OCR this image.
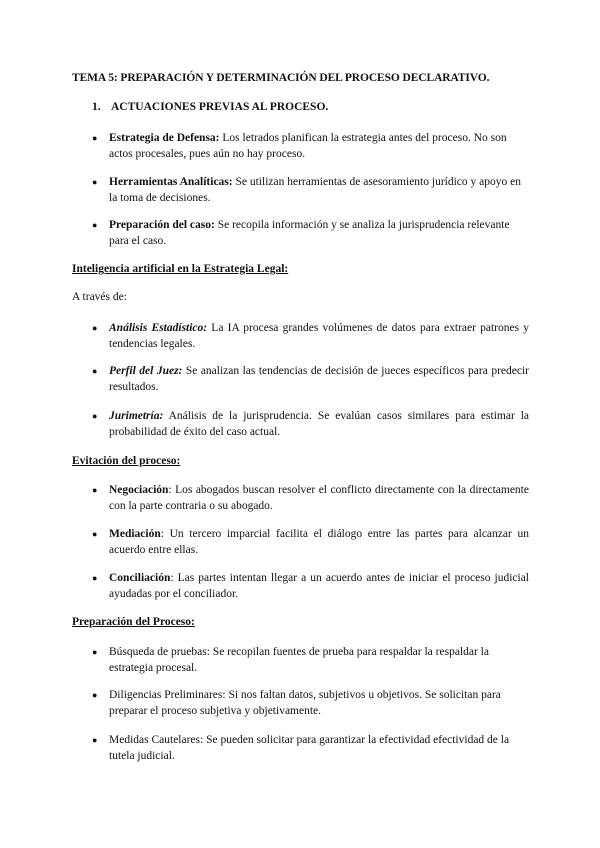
TEMA 5: PREPARACIÓN Y DETERMINACIÓN DEL PROCESO DECLARATIVO.
1. ACTUACIONES PREVIAS AL PROCESO.
● Estrategia de Defensa: Los letrados planifican la estrategia antes del proceso. No son actos procesales, pues aún no hay proceso.
● Herramientas Analíticas: Se utilizan herramientas de asesoramiento jurídico y apoyo en la toma de decisiones.
● Preparación del caso: Se recopila información y se analiza la jurisprudencia relevante para el caso.
Inteligencia artificial en la Estrategia Legal:
A través de:
● Análisis Estadístico: La IA procesa grandes volúmenes de datos para extraer patrones y tendencias legales.
● Perfil del Juez: Se analizan las tendencias de decisión de jueces específicos para predecir resultados.
● Jurimetría: Análisis de la jurisprudencia. Se evalúan casos similares para estimar la probabilidad de éxito del caso actual.
Evitación del proceso:
● Negociación: Los abogados buscan resolver el conflicto directamente con la directamente con la parte contraria o su abogado.
● Mediación: Un tercero imparcial facilita el diálogo entre las partes para alcanzar un acuerdo entre ellas.
● Conciliación: Las partes intentan llegar a un acuerdo antes de iniciar el proceso judicial ayudadas por el conciliador.
Preparación del Proceso:
● Búsqueda de pruebas: Se recopilan fuentes de prueba para respaldar la respaldar la estrategia procesal.
● Diligencias Preliminares: Si nos faltan datos, subjetivos u objetivos. Se solicitan para preparar el proceso subjetiva y objetivamente.
● Medidas Cautelares: Se pueden solicitar para garantizar la efectividad efectividad de la tutela judicial.
